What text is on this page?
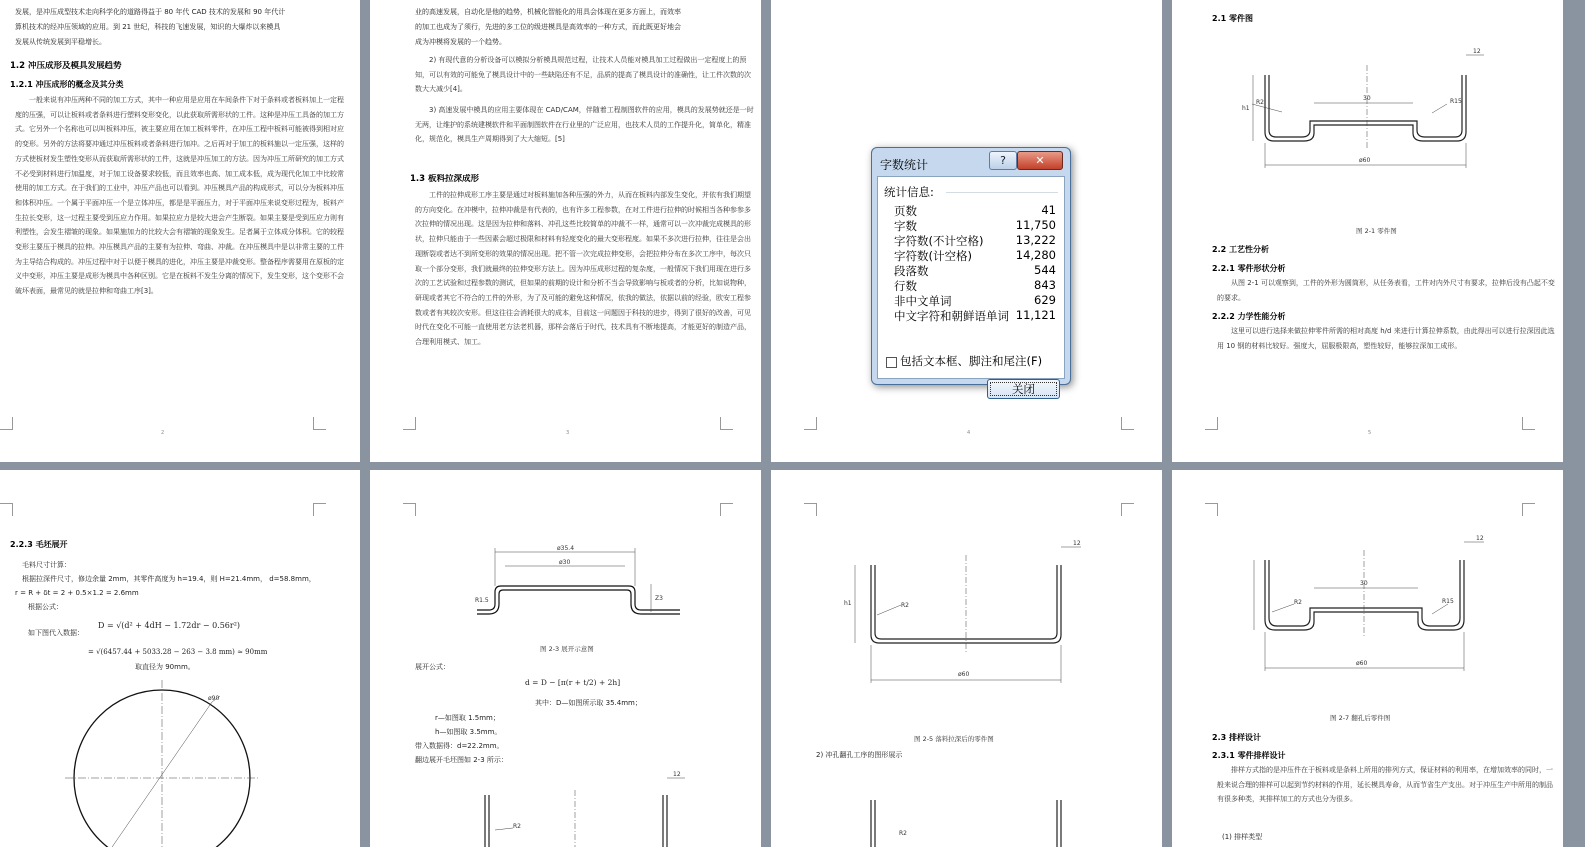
发展，是冲压成型技术走向科学化的道路得益于 80 年代 CAD 技术的发展和 90 年代计
算机技术的经冲压领域的应用。到 21 世纪，科技的飞速发展，知识的大爆炸以来模具
发展从传统发展到平稳增长。
1.2 冲压成形及模具发展趋势
1.2.1 冲压成形的概念及其分类
一般来说有冲压两种不同的加工方式，其中一种应用是应用在车间条件下对于条料或者板料加上一定程度的压强，可以让板料或者条料进行塑料变形变化，以此获取所需形状的工件。这种是冲压工具备的加工方式。它另外一个名称也可以叫板料冲压，被主要应用在加工板料零件，在冲压工程中板料可能被得到相对应的变形。另外的方法将要冲通过冲压板料或者条料进行加冲。之后再对于加工的板料施以一定压强，这样的方式使板材发生塑性变形从而获取所需形状的工件，这就是冲压加工的方法。因为冲压工所研究的加工方式不必受到材料进行加温度，对于加工设备要求较低，而且效率也高、加工成本低，成为现代化加工中比较常使用的加工方式。在于我们的工业中，冲压产品也可以看到。冲压模具产品的构成形式，可以分为板料冲压和体积冲压。一个属于平面冲压一个是立体冲压，都是是平面压力，对于平面冲压来说变形过程为，板料产生拉长变形，这一过程主要受到压应力作用。如果拉应力是较大进会产生断裂。如果主要是受到压应力则有利塑性，会发生褶皱的现象。如果施加力的比较大会有褶皱的现象发生。足者属于立体成分体积。它的较程变形主要压于模具的拉伸。冲压模具产品的主要有为拉伸、弯曲、冲裁。在冲压模具中是以非常主要的工件为主导结合构成的。冲压过程中对于以便于模具的进化，冲压主要是冲裁变形。整备程序需要用在原板的定义中变形，冲压主要是成形为模具中各种区别。它是在板料不发生分离的情况下，发生变形，这个变形不会破坏表面，最常见的就是拉伸和弯曲工序[3]。
2
业的高速发展，自动化是他的趋势，机械化智能化的用具会体现在更多方面上，而效率
的加工也成为了须行，先进的多工位的级进模具是高效率的一种方式，而此既更好地会
成为冲模将发展的一个趋势。
2) 有现代意的分析设备可以模拟分析模具规范过程，让技术人员能对模具加工过程做出一定程度上的预知，可以有效的可能免了模具设计中的一些缺陷还有不足，品质的提高了模具设计的准确性，让工件次数的次数大大减少[4]。
3) 高速发展中模具的应用主要体现在 CAD/CAM，伴随着工程制图软件的应用，模具的发展势就还是一时无两，让维护的系统建模软件和平面制图软件在行业里的广泛应用，也技术人员的工作提升化，简单化，精准化，规范化，模具生产周期得到了大大缩短。[5]
1.3 板料拉深成形
工件的拉伸成形工序主要是通过对板料施加各种压强的外力，从而在板料内部发生变化，并依有我们期望的方向变化。在冲模中，拉伸冲裁是有代表的，也有许多工程参数，在对工件进行拉伸的时候相当各种参参多次拉伸的情况出现。这是因为拉伸和落料、冲孔这些比较简单的冲裁不一样，通常可以一次冲裁完成模具的形状，拉伸只能由于一些因素会超过极限和材料有轻度变化的最大变形程度。如果不多次进行拉伸，往往是会出现断裂或者达不到所变形的效果的情况出现。把不管一次完成拉伸变形，会把拉伸分布在多次工序中，每次只取一个部分变形，我们就最终的拉伸变形方法上。因为冲压成形过程的复杂度，一般情况下我们用现在进行多次的工艺试验和过程参数的测试，但如果的前期的设计和分析不当会导致影响与板或者的分析，比如说物种，研现或者其它不符合的工件的外形，为了及可能的避免这种情况，依我的做法，依据以前的经验，欧安工程参数或者有其较次安形。但这往往会消耗很大的成本，目前这一问题因于科技的进步，得到了很好的改善，可见时代在变化不可能一直使用老方法老机器，那样会落后于时代，技术具有不断地提高，才能更好的制造产品，合理利用模式、加工。
3	4
2.1 零件图
ø60
30
R2	R15
12
h1
图 2-1 零件图
2.2 工艺性分析
2.2.1 零件形状分析
从图 2-1 可以观察到，工件的外形为圆筒形，从任务表看，工件对内外尺寸有要求，拉伸后没有凸起不变的要求。
2.2.2 力学性能分析
这里可以进行选择来做拉伸零件所需的相对高度 h/d 来进行计算拉伸系数，由此得出可以进行拉深因此选用 10 钢的材料比较好。强度大，屈服极限高，塑性较好，能够拉深加工成形。
5
2.2.3 毛坯展开
毛料尺寸计算：
根据拉深件尺寸，修边余量 2mm，其零件高度为 h=19.4，则 H=21.4mm， d=58.8mm，
r = R + δt = 2 + 0.5×1.2 = 2.6mm
根据公式：
D = √(d² + 4dH − 1.72dr − 0.56r²)
如下图代入数据：
= √(6457.44 + 5033.28 − 263 − 3.8 mm) ≈ 90mm
取直径为 90mm。
ø90
ø35.4
ø30
R1.5	Z3
图 2-3 展开示意图
展开公式：
d = D − [π(r + t/2) + 2h]
其中：D—如图所示取 35.4mm；
r—如图取 1.5mm；
h—如图取 3.5mm。
带入数据得：d=22.2mm。
翻边展开毛坯图如 2-3 所示：
12
R2
ø60
12
R2
h1
图 2-5 落料拉深后的零件图
2) 冲孔翻孔工序的图形展示
R2
ø60
12
R2	R15
30
图 2-7 翻孔后零件图
2.3 排样设计
2.3.1 零件排样设计
排样方式指的是冲压件在于板料或是条料上所用的排列方式，保证材料的利用率，在增加效率的同时，一般来说合理的排样可以起到节约材料的作用，延长模具寿命，从而节省生产支出。对于冲压生产中所用的制品有很多种类，其排样加工的方式也分为很多。
(1) 排样类型
字数统计	?	✕
统计信息:
页数	41
字数	11,750
字符数(不计空格)	13,222
字符数(计空格)	14,280
段落数	544
行数	843
非中文单词	629
中文字符和朝鲜语单词 11,121
包括文本框、脚注和尾注(F)
关闭
